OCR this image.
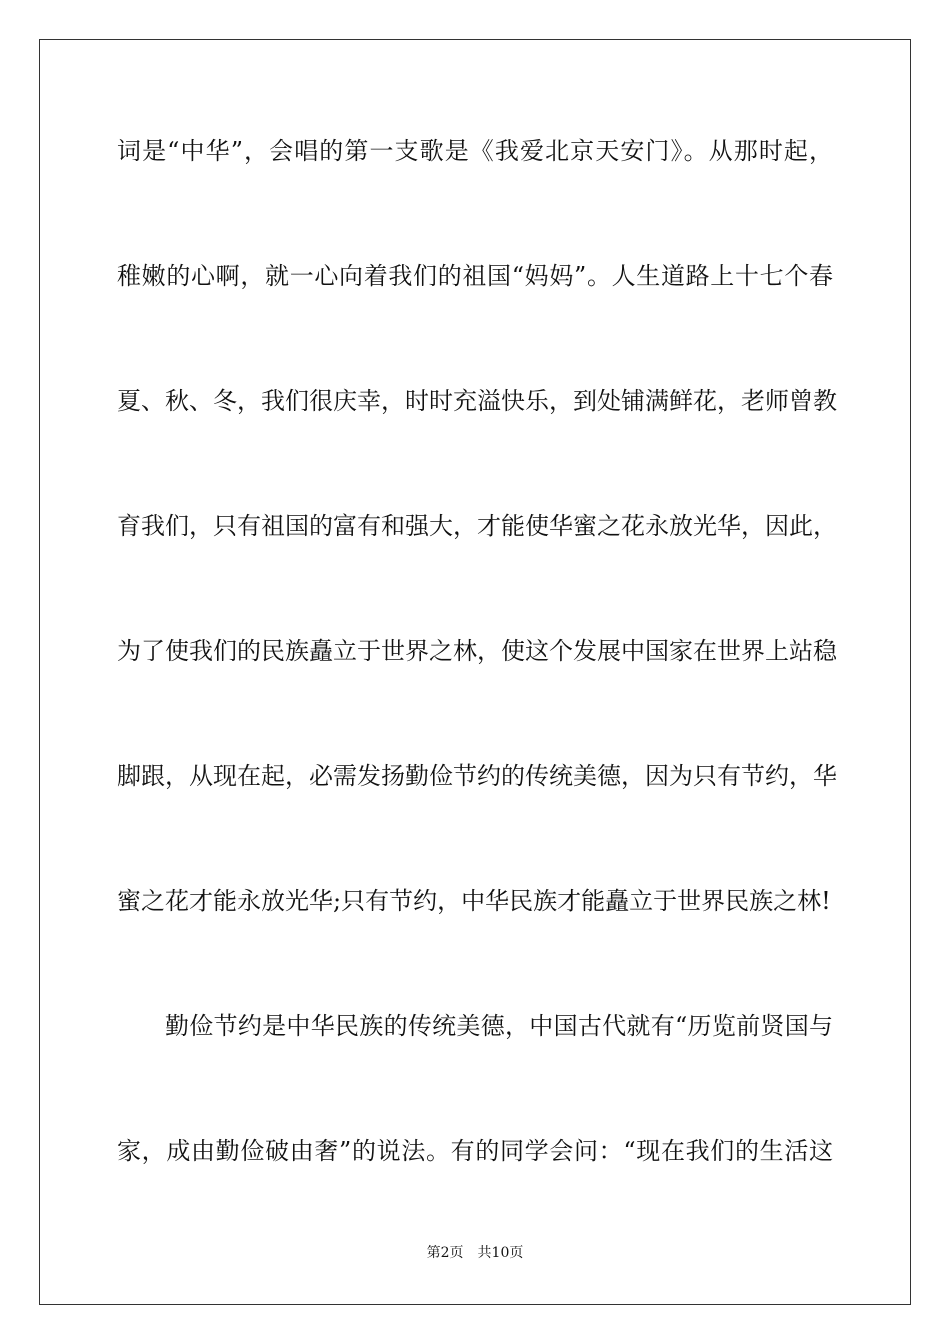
词是“中华”，会唱的第一支歌是《我爱北京天安门》。从那时起，
稚嫩的心啊，就一心向着我们的祖国“妈妈”。人生道路上十七个春
夏、秋、冬，我们很庆幸，时时充溢快乐，到处铺满鲜花，老师曾教
育我们，只有祖国的富有和强大，才能使华蜜之花永放光华，因此，
为了使我们的民族矗立于世界之林，使这个发展中国家在世界上站稳
脚跟，从现在起，必需发扬勤俭节约的传统美德，因为只有节约，华
蜜之花才能永放光华;只有节约，中华民族才能矗立于世界民族之林!
勤俭节约是中华民族的传统美德，中国古代就有“历览前贤国与
家，成由勤俭破由奢”的说法。有的同学会问：“现在我们的生活这
第2页 共10页
